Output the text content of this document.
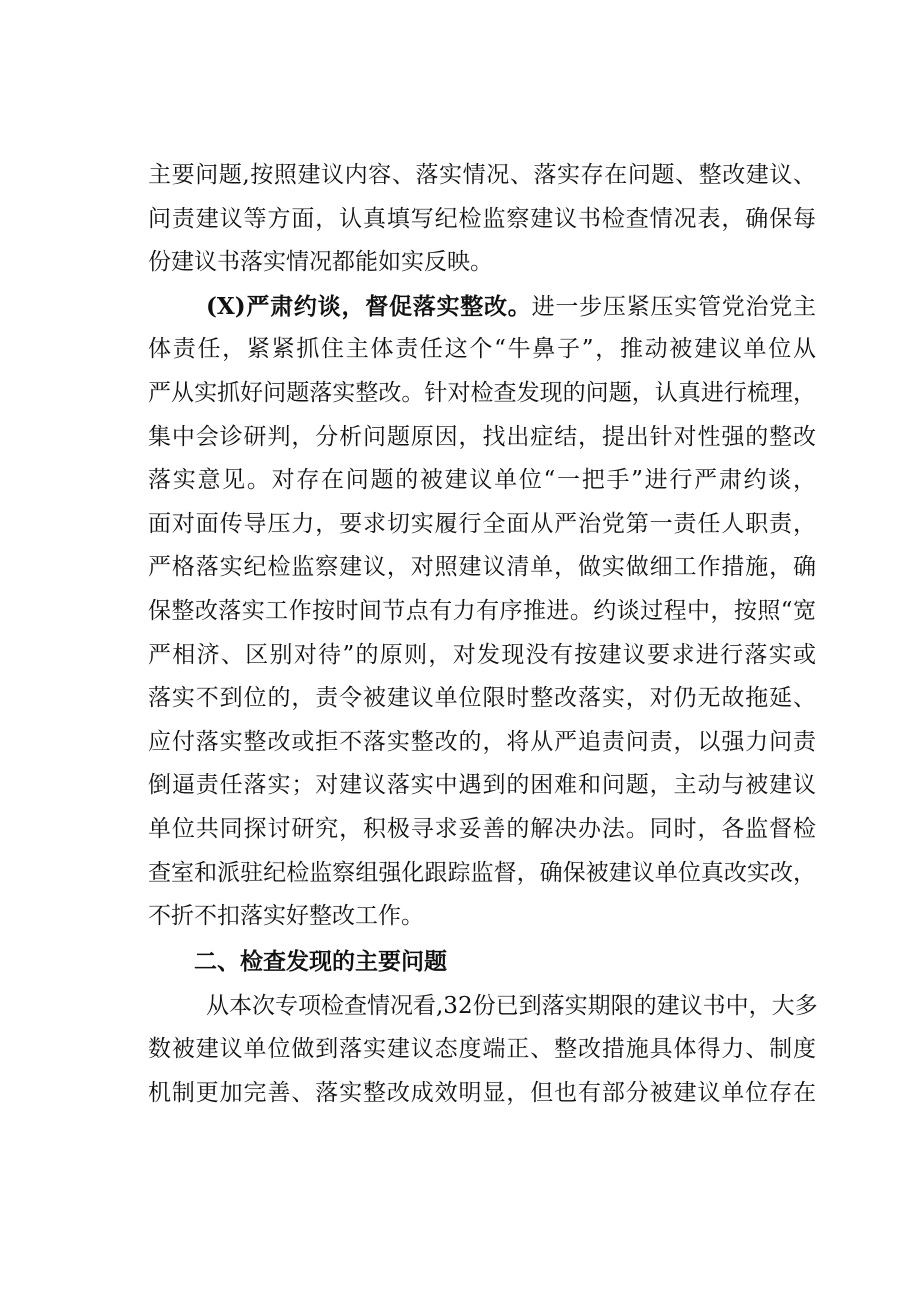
主要问题,按照建议内容、落实情况、落实存在问题、整改建议、
问责建议等方面，认真填写纪检监察建议书检查情况表，确保每
份建议书落实情况都能如实反映。
(X)严肃约谈，督促落实整改。进一步压紧压实管党治党主
体责任，紧紧抓住主体责任这个“牛鼻子”，推动被建议单位从
严从实抓好问题落实整改。针对检查发现的问题，认真进行梳理，
集中会诊研判，分析问题原因，找出症结，提出针对性强的整改
落实意见。对存在问题的被建议单位“一把手”进行严肃约谈，
面对面传导压力，要求切实履行全面从严治党第一责任人职责，
严格落实纪检监察建议，对照建议清单，做实做细工作措施，确
保整改落实工作按时间节点有力有序推进。约谈过程中，按照“宽
严相济、区别对待”的原则，对发现没有按建议要求进行落实或
落实不到位的，责令被建议单位限时整改落实，对仍无故拖延、
应付落实整改或拒不落实整改的，将从严追责问责，以强力问责
倒逼责任落实；对建议落实中遇到的困难和问题，主动与被建议
单位共同探讨研究，积极寻求妥善的解决办法。同时，各监督检
查室和派驻纪检监察组强化跟踪监督，确保被建议单位真改实改，
不折不扣落实好整改工作。
二、检查发现的主要问题
从本次专项检查情况看,32份已到落实期限的建议书中，大多
数被建议单位做到落实建议态度端正、整改措施具体得力、制度
机制更加完善、落实整改成效明显，但也有部分被建议单位存在
